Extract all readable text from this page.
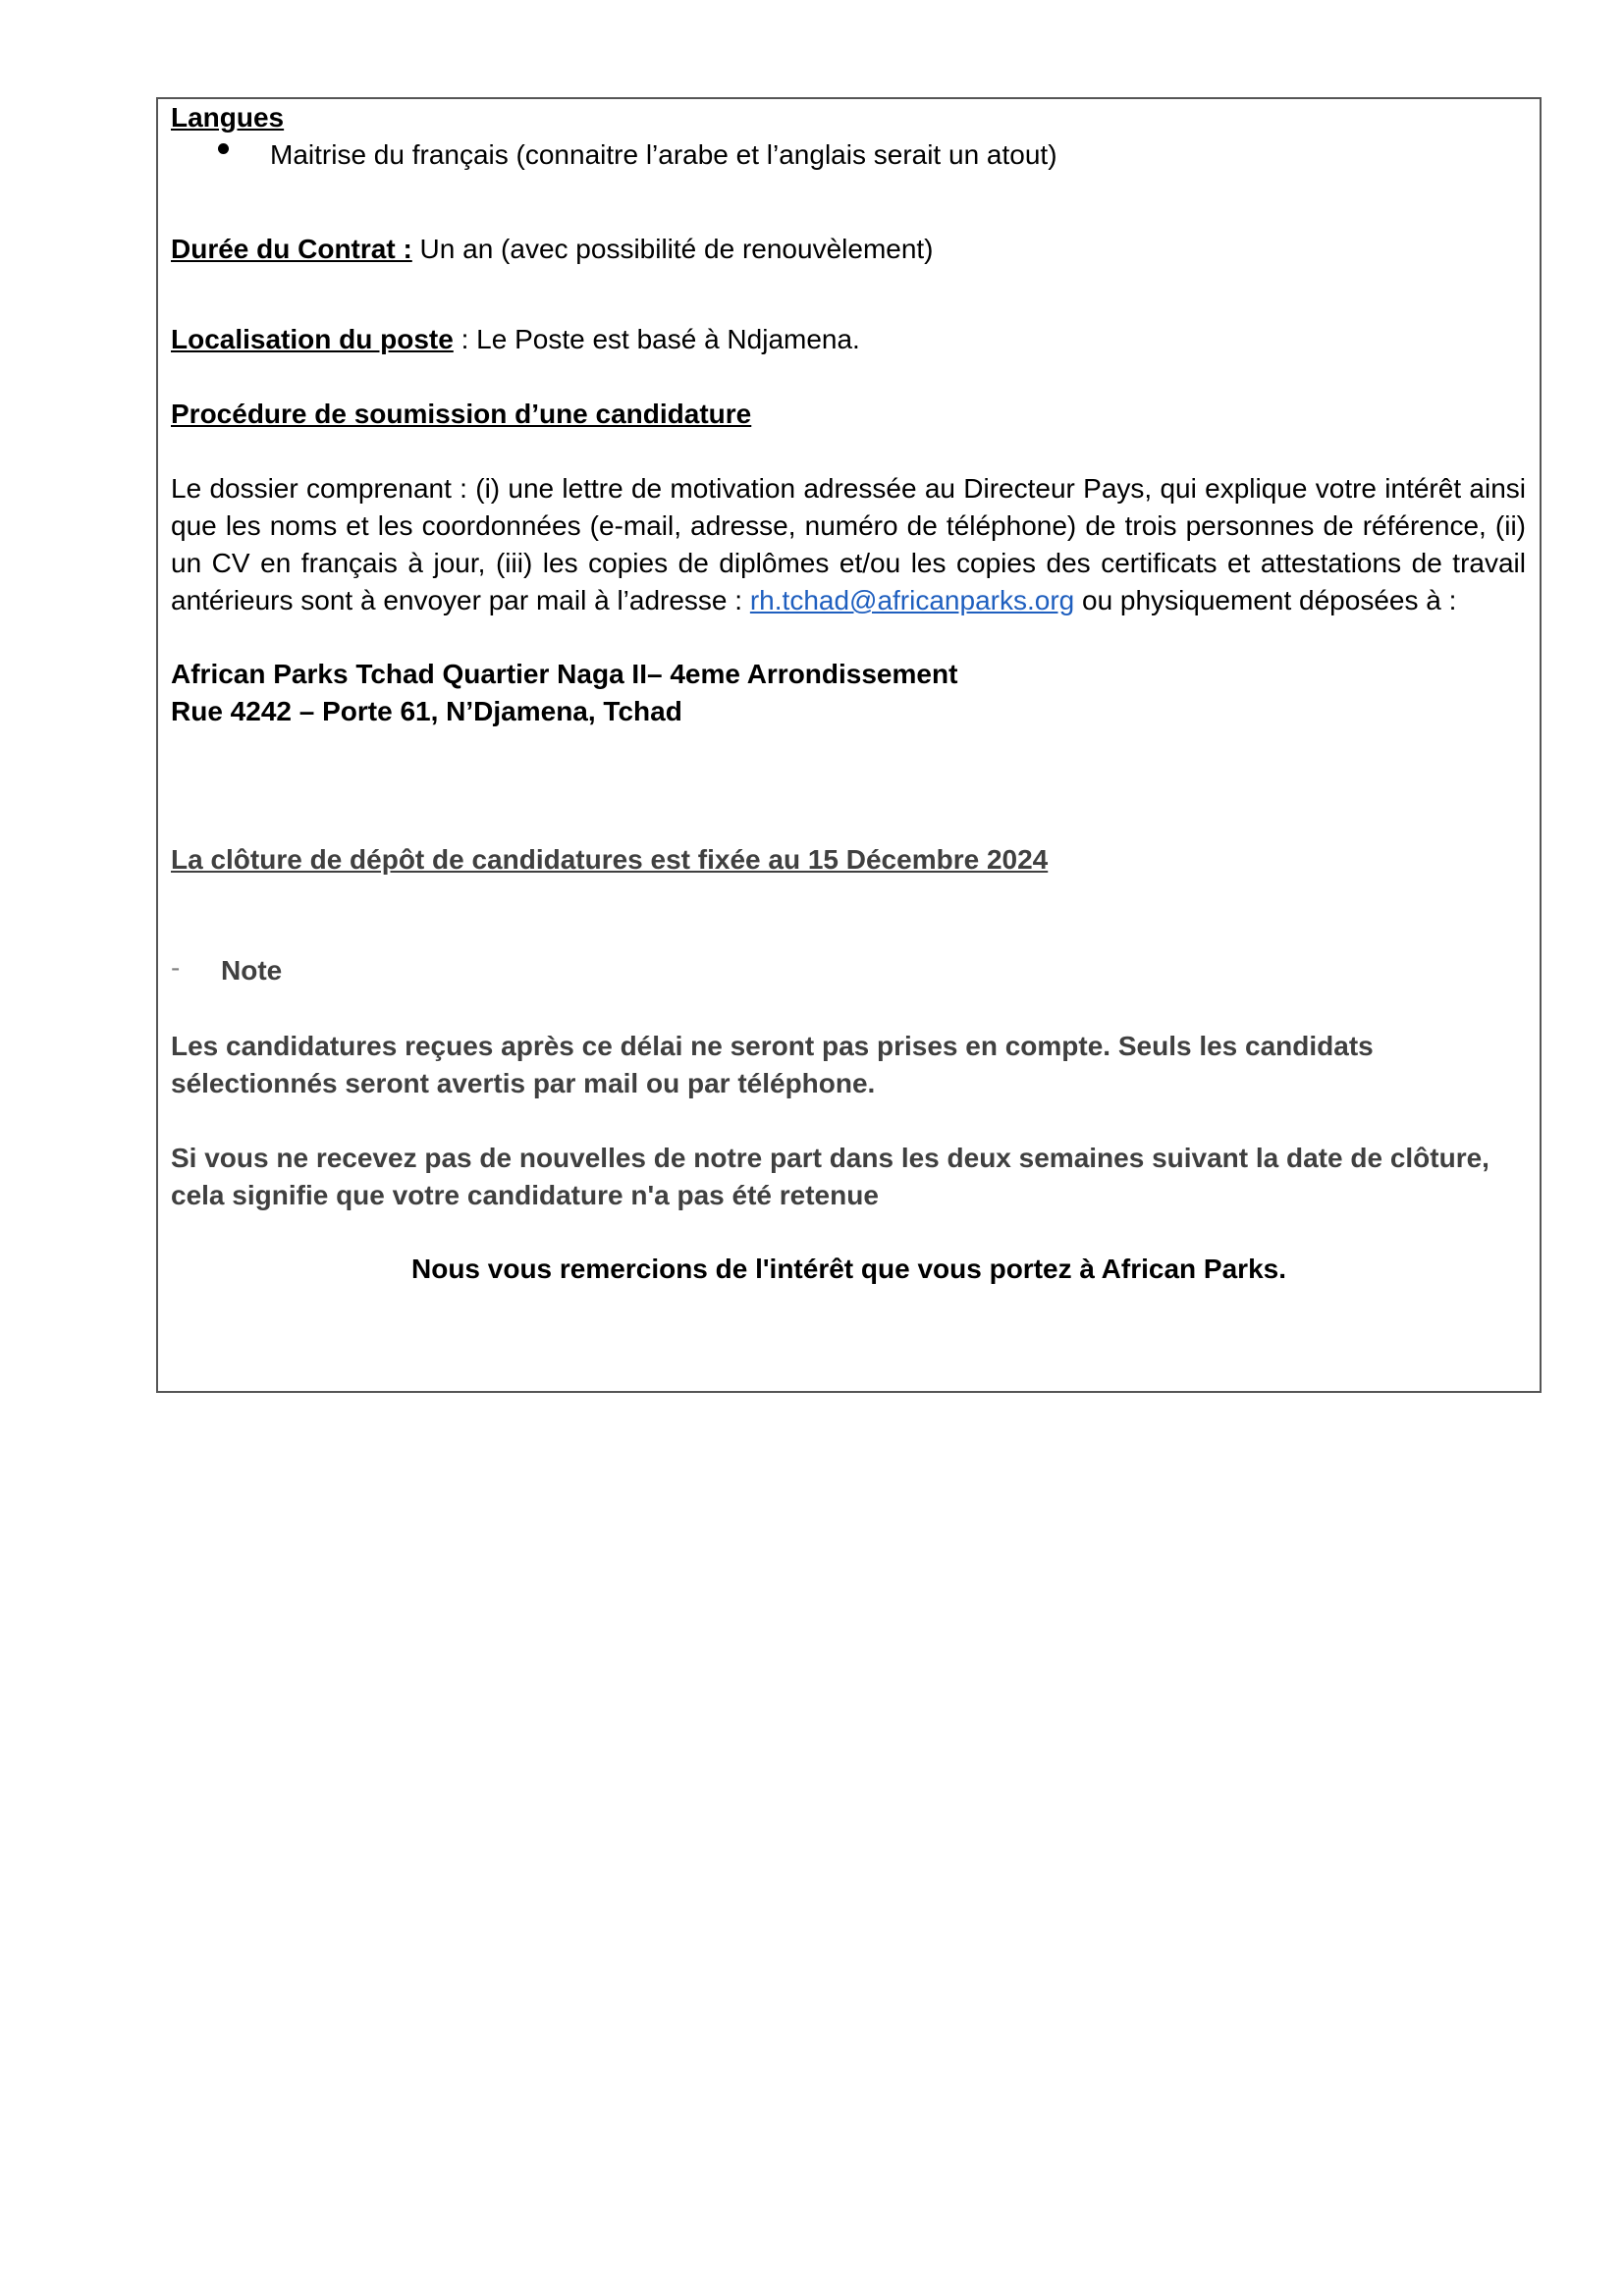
Langues
Maitrise du français (connaitre l’arabe et l’anglais serait un atout)
Durée du Contrat : Un an (avec possibilité de renouvèlement)
Localisation du poste : Le Poste est basé à Ndjamena.
Procédure de soumission d’une candidature
Le dossier comprenant : (i) une lettre de motivation adressée au Directeur Pays, qui explique votre intérêt ainsi que les noms et les coordonnées (e-mail, adresse, numéro de téléphone) de trois personnes de référence, (ii) un CV en français à jour, (iii) les copies de diplômes et/ou les copies des certificats et attestations de travail antérieurs sont à envoyer par mail à l’adresse : rh.tchad@africanparks.org ou physiquement déposées à :
African Parks Tchad Quartier Naga II– 4eme Arrondissement
Rue 4242 – Porte 61, N’Djamena, Tchad
La clôture de dépôt de candidatures est fixée au 15 Décembre 2024
- Note
Les candidatures reçues après ce délai ne seront pas prises en compte. Seuls les candidats sélectionnés seront avertis par mail ou par téléphone.
Si vous ne recevez pas de nouvelles de notre part dans les deux semaines suivant la date de clôture, cela signifie que votre candidature n'a pas été retenue
Nous vous remercions de l'intérêt que vous portez à African Parks.
